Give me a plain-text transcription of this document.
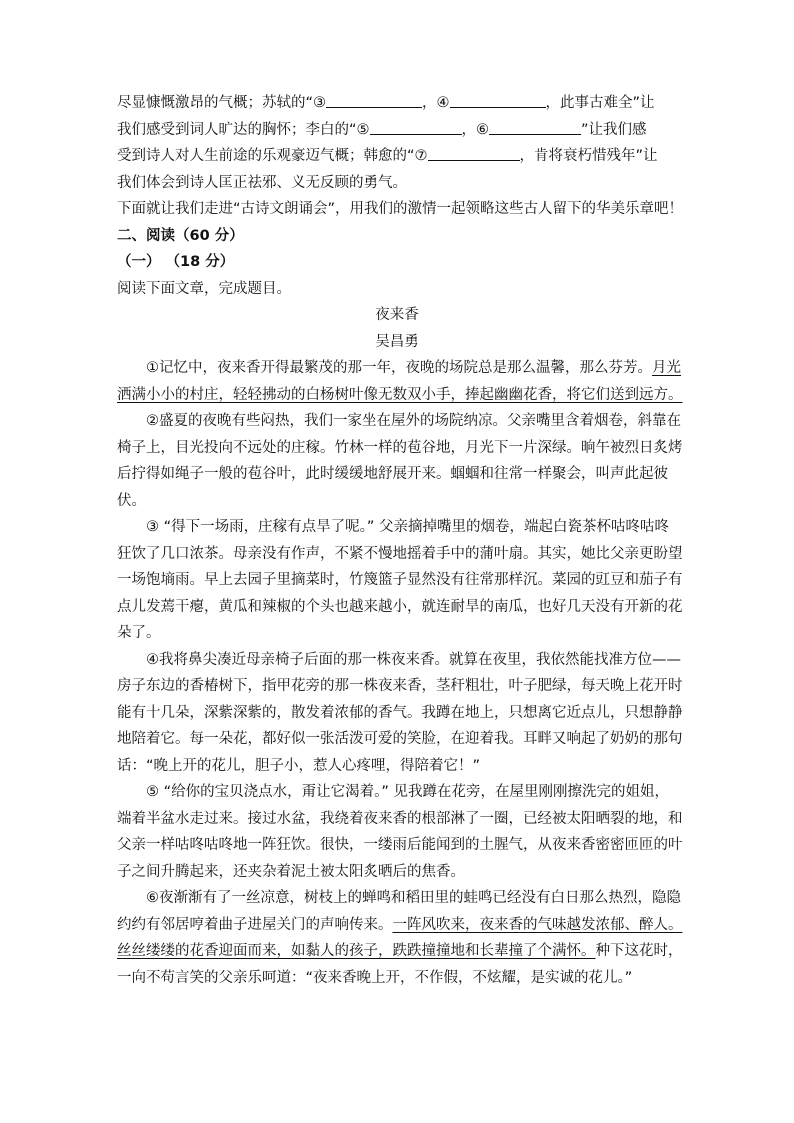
尽显慷慨激昂的气概；苏轼的“③	，④	，此事古难全”让
我们感受到词人旷达的胸怀；李白的“⑤	，⑥	”让我们感
受到诗人对人生前途的乐观豪迈气概；韩愈的“⑦	，肯将衰朽惜残年”让
我们体会到诗人匡正祛邪、义无反顾的勇气。
下面就让我们走进“古诗文朗诵会”，用我们的激情一起领略这些古人留下的华美乐章吧！
二、阅读（60 分）
（一） （18 分）
阅读下面文章，完成题目。
夜来香
吴昌勇
①记忆中，夜来香开得最繁茂的那一年，夜晚的场院总是那么温馨，那么芬芳。月光
洒满小小的村庄，轻轻拂动的白杨树叶像无数双小手，捧起幽幽花香，将它们送到远方。
②盛夏的夜晚有些闷热，我们一家坐在屋外的场院纳凉。父亲嘴里含着烟卷，斜靠在
椅子上，目光投向不远处的庄稼。竹林一样的苞谷地，月光下一片深绿。晌午被烈日炙烤
后拧得如绳子一般的苞谷叶，此时缓缓地舒展开来。蝈蝈和往常一样聚会，叫声此起彼
伏。
③ “得下一场雨，庄稼有点旱了呢。” 父亲摘掉嘴里的烟卷，端起白瓷茶杯咕咚咕咚
狂饮了几口浓茶。母亲没有作声，不紧不慢地摇着手中的蒲叶扇。其实，她比父亲更盼望
一场饱墒雨。早上去园子里摘菜时，竹篾篮子显然没有往常那样沉。菜园的豇豆和茄子有
点儿发蔫干瘪，黄瓜和辣椒的个头也越来越小，就连耐旱的南瓜，也好几天没有开新的花
朵了。
④我将鼻尖凑近母亲椅子后面的那一株夜来香。就算在夜里，我依然能找准方位——
房子东边的香椿树下，指甲花旁的那一株夜来香，茎秆粗壮，叶子肥绿，每天晚上花开时
能有十几朵，深紫深紫的，散发着浓郁的香气。我蹲在地上，只想离它近点儿，只想静静
地陪着它。每一朵花，都好似一张活泼可爱的笑脸，在迎着我。耳畔又响起了奶奶的那句
话：“晚上开的花儿，胆子小，惹人心疼哩，得陪着它！”
⑤ “给你的宝贝浇点水，甭让它渴着。” 见我蹲在花旁，在屋里刚刚擦洗完的姐姐，
端着半盆水走过来。接过水盆，我绕着夜来香的根部淋了一圈，已经被太阳晒裂的地，和
父亲一样咕咚咕咚地一阵狂饮。很快，一缕雨后能闻到的土腥气，从夜来香密密匝匝的叶
子之间升腾起来，还夹杂着泥土被太阳炙晒后的焦香。
⑥夜渐渐有了一丝凉意，树枝上的蝉鸣和稻田里的蛙鸣已经没有白日那么热烈，隐隐
约约有邻居哼着曲子进屋关门的声响传来。一阵风吹来，夜来香的气味越发浓郁、醉人。
丝丝缕缕的花香迎面而来，如黏人的孩子，跌跌撞撞地和长辈撞了个满怀。种下这花时，
一向不苟言笑的父亲乐呵道：“夜来香晚上开，不作假，不炫耀，是实诚的花儿。”
